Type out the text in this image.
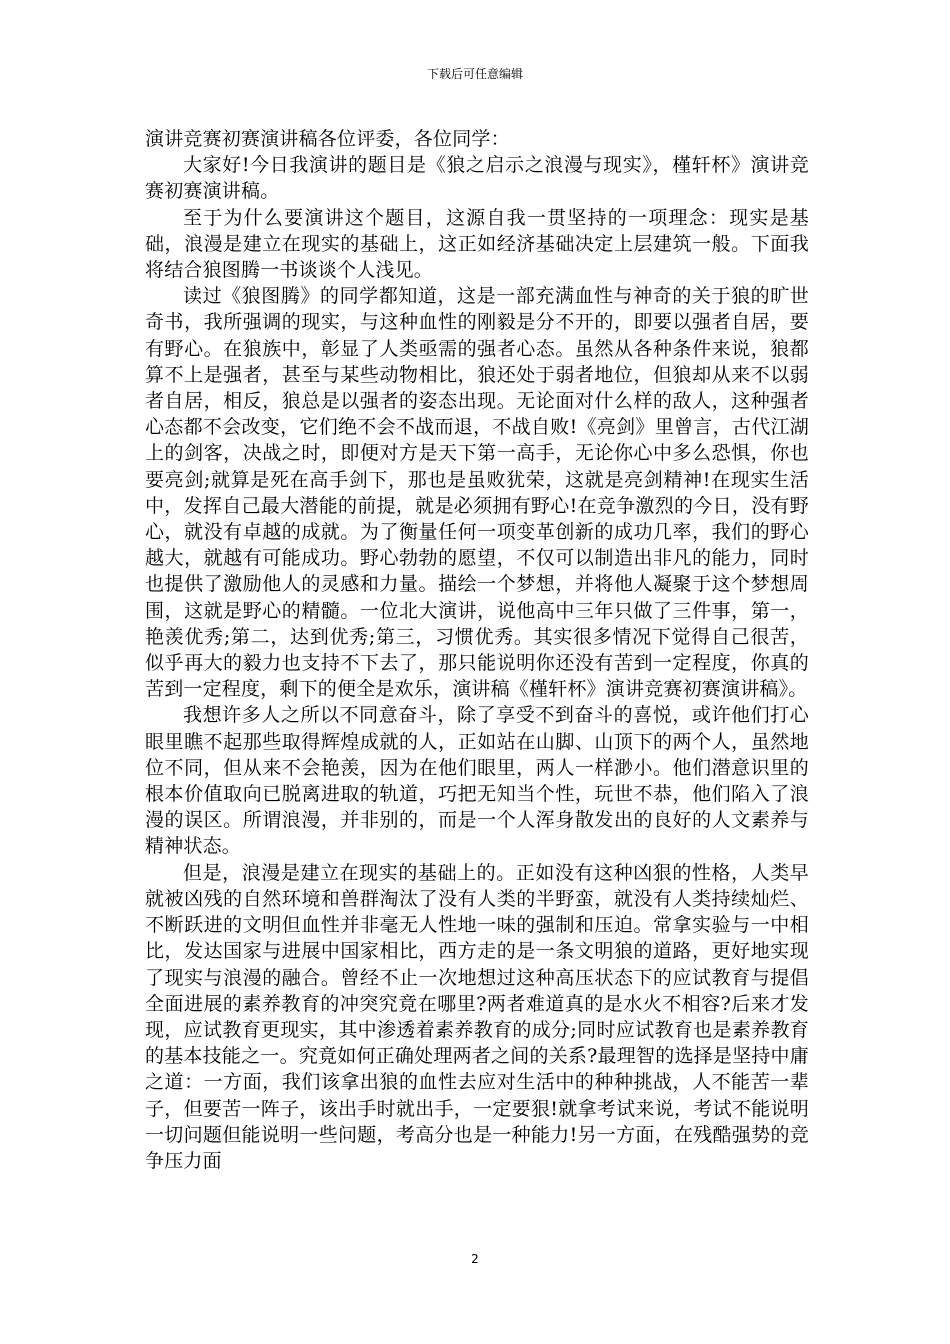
下载后可任意编辑

演讲竞赛初赛演讲稿各位评委，各位同学：

大家好!今日我演讲的题目是《狼之启示之浪漫与现实》，槿轩杯》演讲竞赛初赛演讲稿。

至于为什么要演讲这个题目，这源自我一贯坚持的一项理念：现实是基础，浪漫是建立在现实的基础上，这正如经济基础决定上层建筑一般。下面我将结合狼图腾一书谈谈个人浅见。

读过《狼图腾》的同学都知道，这是一部充满血性与神奇的关于狼的旷世奇书，我所强调的现实，与这种血性的刚毅是分不开的，即要以强者自居，要有野心。在狼族中，彰显了人类亟需的强者心态。虽然从各种条件来说，狼都算不上是强者，甚至与某些动物相比，狼还处于弱者地位，但狼却从来不以弱者自居，相反，狼总是以强者的姿态出现。无论面对什么样的敌人，这种强者心态都不会改变，它们绝不会不战而退，不战自败!《亮剑》里曾言，古代江湖上的剑客，决战之时，即便对方是天下第一高手，无论你心中多么恐惧，你也要亮剑;就算是死在高手剑下，那也是虽败犹荣，这就是亮剑精神!在现实生活中，发挥自己最大潜能的前提，就是必须拥有野心!在竞争激烈的今日，没有野心，就没有卓越的成就。为了衡量任何一项变革创新的成功几率，我们的野心越大，就越有可能成功。野心勃勃的愿望，不仅可以制造出非凡的能力，同时也提供了激励他人的灵感和力量。描绘一个梦想，并将他人凝聚于这个梦想周围，这就是野心的精髓。一位北大演讲，说他高中三年只做了三件事，第一，艳羡优秀;第二，达到优秀;第三，习惯优秀。其实很多情况下觉得自己很苦，似乎再大的毅力也支持不下去了，那只能说明你还没有苦到一定程度，你真的苦到一定程度，剩下的便全是欢乐，演讲稿《槿轩杯》演讲竞赛初赛演讲稿》。

我想许多人之所以不同意奋斗，除了享受不到奋斗的喜悦，或许他们打心眼里瞧不起那些取得辉煌成就的人，正如站在山脚、山顶下的两个人，虽然地位不同，但从来不会艳羡，因为在他们眼里，两人一样渺小。他们潜意识里的根本价值取向已脱离进取的轨道，巧把无知当个性，玩世不恭，他们陷入了浪漫的误区。所谓浪漫，并非别的，而是一个人浑身散发出的良好的人文素养与精神状态。

但是，浪漫是建立在现实的基础上的。正如没有这种凶狠的性格，人类早就被凶残的自然环境和兽群淘汰了没有人类的半野蛮，就没有人类持续灿烂、不断跃进的文明但血性并非毫无人性地一味的强制和压迫。常拿实验与一中相比，发达国家与进展中国家相比，西方走的是一条文明狼的道路，更好地实现了现实与浪漫的融合。曾经不止一次地想过这种高压状态下的应试教育与提倡全面进展的素养教育的冲突究竟在哪里?两者难道真的是水火不相容?后来才发现，应试教育更现实，其中渗透着素养教育的成分;同时应试教育也是素养教育的基本技能之一。究竟如何正确处理两者之间的关系?最理智的选择是坚持中庸之道：一方面，我们该拿出狼的血性去应对生活中的种种挑战，人不能苦一辈子，但要苦一阵子，该出手时就出手，一定要狠!就拿考试来说，考试不能说明一切问题但能说明一些问题，考高分也是一种能力!另一方面，在残酷强势的竞争压力面

2
